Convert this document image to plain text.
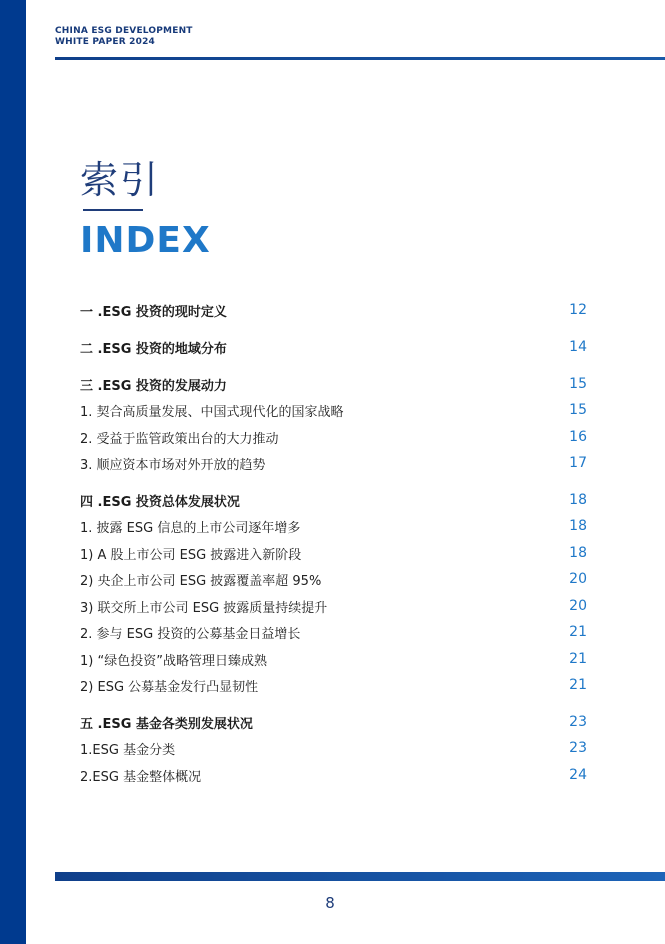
CHINA ESG DEVELOPMENT
WHITE PAPER 2024
索引
INDEX
一 .ESG 投资的现时定义	12
二 .ESG 投资的地域分布	14
三 .ESG 投资的发展动力	15
1. 契合高质量发展、中国式现代化的国家战略	15
2. 受益于监管政策出台的大力推动	16
3. 顺应资本市场对外开放的趋势	17
四 .ESG 投资总体发展状况	18
1. 披露 ESG 信息的上市公司逐年增多	18
1) A 股上市公司 ESG 披露进入新阶段	18
2) 央企上市公司 ESG 披露覆盖率超 95%	20
3) 联交所上市公司 ESG 披露质量持续提升	20
2. 参与 ESG 投资的公募基金日益增长	21
1) “绿色投资”战略管理日臻成熟	21
2) ESG 公募基金发行凸显韧性	21
五 .ESG 基金各类别发展状况	23
1.ESG 基金分类	23
2.ESG 基金整体概况	24
8
